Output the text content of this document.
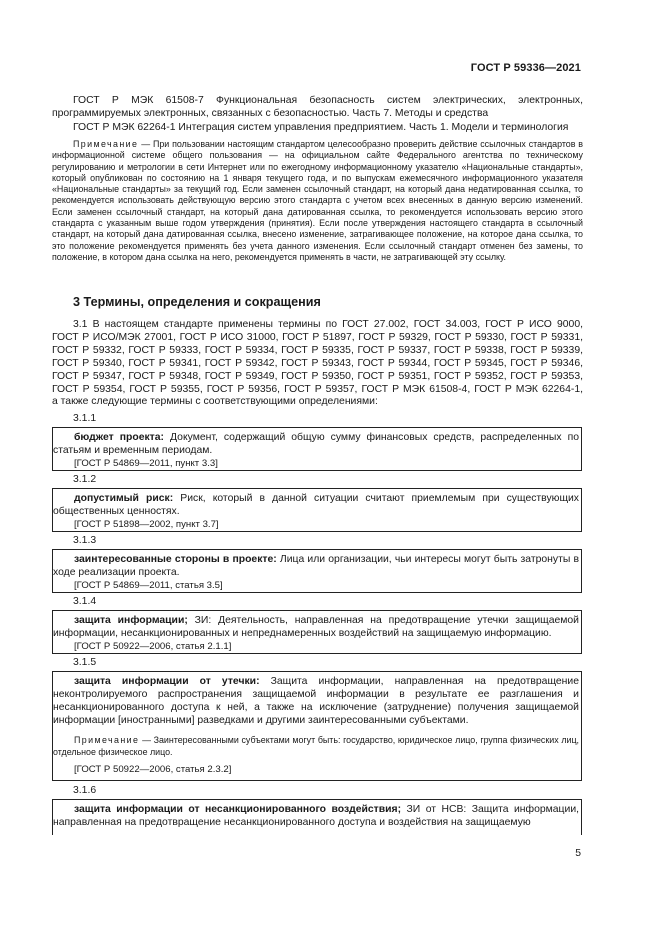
ГОСТ Р 59336—2021
ГОСТ Р МЭК 61508-7 Функциональная безопасность систем электрических, электронных, программируемых электронных, связанных с безопасностью. Часть 7. Методы и средства
ГОСТ Р МЭК 62264-1 Интеграция систем управления предприятием. Часть 1. Модели и терминология
Примечание — При пользовании настоящим стандартом целесообразно проверить действие ссылочных стандартов в информационной системе общего пользования — на официальном сайте Федерального агентства по техническому регулированию и метрологии в сети Интернет или по ежегодному информационному указателю «Национальные стандарты», который опубликован по состоянию на 1 января текущего года, и по выпускам ежемесячного информационного указателя «Национальные стандарты» за текущий год. Если заменен ссылочный стандарт, на который дана недатированная ссылка, то рекомендуется использовать действующую версию этого стандарта с учетом всех внесенных в данную версию изменений. Если заменен ссылочный стандарт, на который дана датированная ссылка, то рекомендуется использовать версию этого стандарта с указанным выше годом утверждения (принятия). Если после утверждения настоящего стандарта в ссылочный стандарт, на который дана датированная ссылка, внесено изменение, затрагивающее положение, на которое дана ссылка, то это положение рекомендуется применять без учета данного изменения. Если ссылочный стандарт отменен без замены, то положение, в котором дана ссылка на него, рекомендуется применять в части, не затрагивающей эту ссылку.
3 Термины, определения и сокращения
3.1 В настоящем стандарте применены термины по ГОСТ 27.002, ГОСТ 34.003, ГОСТ Р ИСО 9000,
ГОСТ Р ИСО/МЭК 27001, ГОСТ Р ИСО 31000, ГОСТ Р 51897, ГОСТ Р 59329, ГОСТ Р 59330, ГОСТ Р 59331,
ГОСТ Р 59332, ГОСТ Р 59333, ГОСТ Р 59334, ГОСТ Р 59335, ГОСТ Р 59337, ГОСТ Р 59338, ГОСТ Р 59339,
ГОСТ Р 59340, ГОСТ Р 59341, ГОСТ Р 59342, ГОСТ Р 59343, ГОСТ Р 59344, ГОСТ Р 59345, ГОСТ Р 59346,
ГОСТ Р 59347, ГОСТ Р 59348, ГОСТ Р 59349, ГОСТ Р 59350, ГОСТ Р 59351, ГОСТ Р 59352, ГОСТ Р 59353,
ГОСТ Р 59354, ГОСТ Р 59355, ГОСТ Р 59356, ГОСТ Р 59357, ГОСТ Р МЭК 61508-4, ГОСТ Р МЭК 62264-1,
а также следующие термины с соответствующими определениями:
3.1.1
бюджет проекта: Документ, содержащий общую сумму финансовых средств, распределенных по статьям и временным периодам.
[ГОСТ Р 54869—2011, пункт 3.3]
3.1.2
допустимый риск: Риск, который в данной ситуации считают приемлемым при существующих общественных ценностях.
[ГОСТ Р 51898—2002, пункт 3.7]
3.1.3
заинтересованные стороны в проекте: Лица или организации, чьи интересы могут быть затронуты в ходе реализации проекта.
[ГОСТ Р 54869—2011, статья 3.5]
3.1.4
защита информации; ЗИ: Деятельность, направленная на предотвращение утечки защищаемой информации, несанкционированных и непреднамеренных воздействий на защищаемую информацию.
[ГОСТ Р 50922—2006, статья 2.1.1]
3.1.5
защита информации от утечки: Защита информации, направленная на предотвращение неконтролируемого распространения защищаемой информации в результате ее разглашения и несанкционированного доступа к ней, а также на исключение (затруднение) получения защищаемой информации [иностранными] разведками и другими заинтересованными субъектами.
Примечание — Заинтересованными субъектами могут быть: государство, юридическое лицо, группа физических лиц, отдельное физическое лицо.
[ГОСТ Р 50922—2006, статья 2.3.2]
3.1.6
защита информации от несанкционированного воздействия; ЗИ от НСВ: Защита информации, направленная на предотвращение несанкционированного доступа и воздействия на защищаемую
5
